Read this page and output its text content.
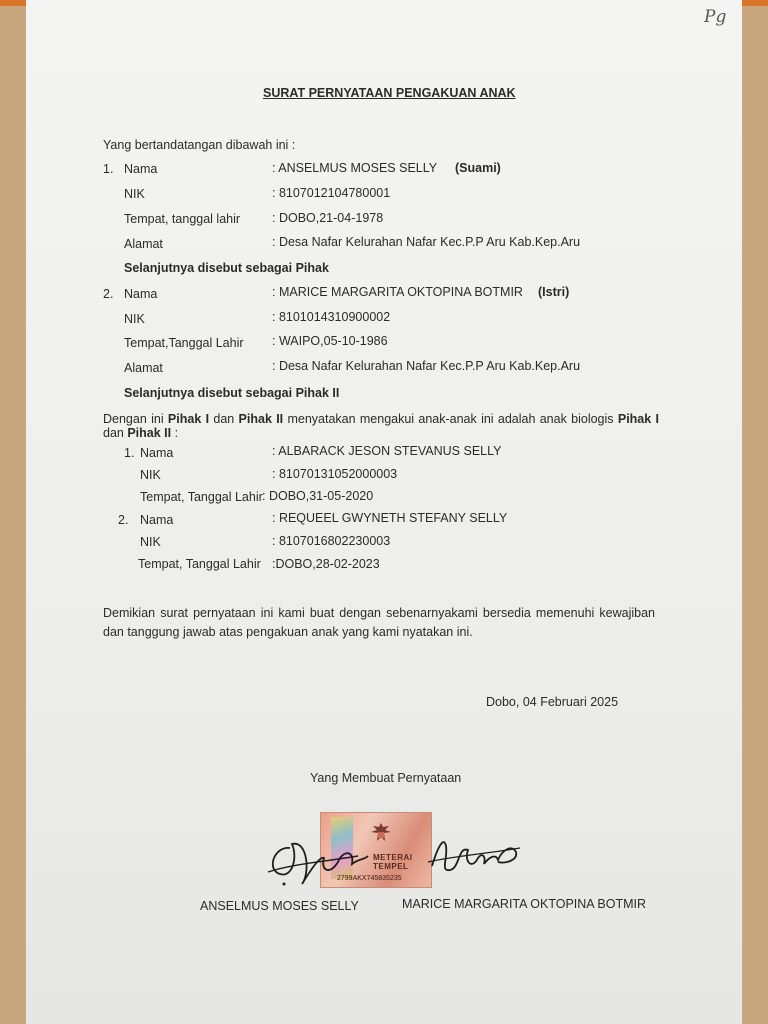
Pg
SURAT PERNYATAAN PENGAKUAN ANAK
Yang bertandatangan dibawah ini :
1. Nama	: ANSELMUS MOSES SELLY (Suami)
NIK	: 8107012104780001
Tempat, tanggal lahir	: DOBO,21-04-1978
Alamat	: Desa Nafar Kelurahan Nafar Kec.P.P Aru Kab.Kep.Aru
Selanjutnya disebut sebagai Pihak
2. Nama	: MARICE MARGARITA OKTOPINA BOTMIR (Istri)
NIK	: 8101014310900002
Tempat,Tanggal Lahir : WAIPO,05-10-1986
Alamat	: Desa Nafar Kelurahan Nafar Kec.P.P Aru Kab.Kep.Aru
Selanjutnya disebut sebagai Pihak II
Dengan ini Pihak I dan Pihak II menyatakan mengakui anak-anak ini adalah anak biologis Pihak I dan Pihak II :
1. Nama	: ALBARACK JESON STEVANUS SELLY
NIK	: 81070131052000003
Tempat, Tanggal Lahir : DOBO,31-05-2020
2. Nama	: REQUEEL GWYNETH STEFANY SELLY
NIK	: 8107016802230003
Tempat, Tanggal Lahir :DOBO,28-02-2023
Demikian surat pernyataan ini kami buat dengan sebenarnyakami bersedia memenuhi kewajiban dan tanggung jawab atas pengakuan anak yang kami nyatakan ini.
Dobo, 04 Februari 2025
Yang Membuat Pernyataan
METERAI TEMPEL
2799AKX745835235
ANSELMUS MOSES SELLY	MARICE MARGARITA OKTOPINA BOTMIR
